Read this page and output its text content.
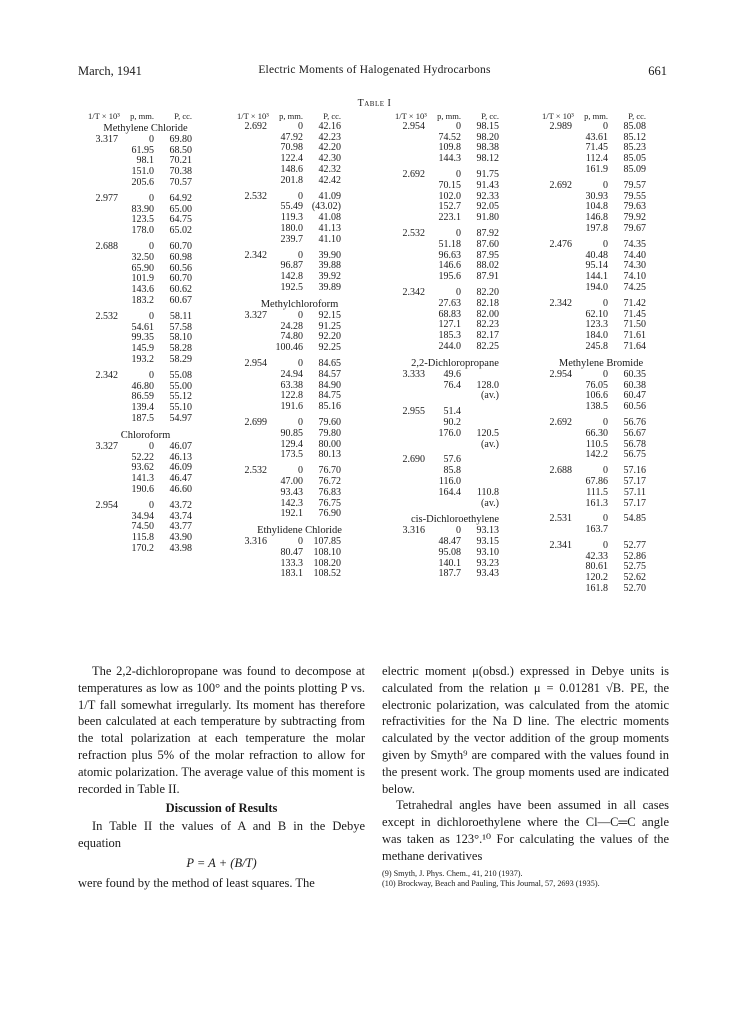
March, 1941	Electric Moments of Halogenated Hydrocarbons	661
Table I
1/T × 10³	p, mm.	P, cc.
Methylene Chloride
3.317	0	69.80
61.95	68.50
98.1	70.21
151.0	70.38
205.6	70.57
2.977	0	64.92
83.90	65.00
123.5	64.75
178.0	65.02
2.688	0	60.70
32.50	60.98
65.90	60.56
101.9	60.70
143.6	60.62
183.2	60.67
2.532	0	58.11
54.61	57.58
99.35	58.10
145.9	58.28
193.2	58.29
2.342	0	55.08
46.80	55.00
86.59	55.12
139.4	55.10
187.5	54.97
Chloroform
3.327	0	46.07
52.22	46.13
93.62	46.09
141.3	46.47
190.6	46.60
2.954	0	43.72
34.94	43.74
74.50	43.77
115.8	43.90
170.2	43.98
1/T × 10³	p, mm.	P, cc.
2.692	0	42.16
47.92	42.23
70.98	42.20
122.4	42.30
148.6	42.32
201.8	42.42
2.532	0	41.09
55.49 (43.02)
119.3	41.08
180.0	41.13
239.7	41.10
2.342	0	39.90
96.87	39.88
142.8	39.92
192.5	39.89
Methylchloroform
3.327	0	92.15
24.28	91.25
74.80	92.20
100.46	92.25
2.954	0	84.65
24.94	84.57
63.38	84.90
122.8	84.75
191.6	85.16
2.699	0	79.60
90.85	79.80
129.4	80.00
173.5	80.13
2.532	0	76.70
47.00	76.72
93.43	76.83
142.3	76.75
192.1	76.90
Ethylidene Chloride
3.316	0	107.85
80.47	108.10
133.3	108.20
183.1	108.52
1/T × 10³	p, mm.	P, cc.
2.954	0	98.15
74.52	98.20
109.8	98.38
144.3	98.12
2.692	0	91.75
70.15	91.43
102.0	92.33
152.7	92.05
223.1	91.80
2.532	0	87.92
51.18	87.60
96.63	87.95
146.6	88.02
195.6	87.91
2.342	0	82.20
27.63	82.18
68.83	82.00
127.1	82.23
185.3	82.17
244.0	82.25
2,2-Dichloropropane
3.333	49.6
76.4	128.0
(av.)
2.955	51.4
90.2
176.0	120.5
(av.)
2.690	57.6
85.8
116.0
164.4	110.8
(av.)
cis-Dichloroethylene
3.316	0	93.13
48.47	93.15
95.08	93.10
140.1	93.23
187.7	93.43
1/T × 10³	p, mm.	P, cc.
2.989	0	85.08
43.61	85.12
71.45	85.23
112.4	85.05
161.9	85.09
2.692	0	79.57
30.93	79.55
104.8	79.63
146.8	79.92
197.8	79.67
2.476	0	74.35
40.48	74.40
95.14	74.30
144.1	74.10
194.0	74.25
2.342	0	71.42
62.10	71.45
123.3	71.50
184.0	71.61
245.8	71.64
Methylene Bromide
2.954	0	60.35
76.05	60.38
106.6	60.47
138.5	60.56
2.692	0	56.76
66.30	56.67
110.5	56.78
142.2	56.75
2.688	0	57.16
67.86	57.17
111.5	57.11
161.3	57.17
2.531	0	54.85
163.7
2.341	0	52.77
42.33	52.86
80.61	52.75
120.2	52.62
161.8	52.70

The 2,2-dichloropropane was found to decompose at temperatures as low as 100° and the points plotting P vs. 1/T fall somewhat irregularly. Its moment has therefore been calculated at each temperature by subtracting from the total polarization at each temperature the molar refraction plus 5% of the molar refraction to allow for atomic polarization. The average value of this moment is recorded in Table II.

Discussion of Results

In Table II the values of A and B in the Debye equation

P = A + (B/T)

were found by the method of least squares. The

electric moment μ(obsd.) expressed in Debye units is calculated from the relation μ = 0.01281 √B. PE, the electronic polarization, was calculated from the atomic refractivities for the Na D line. The electric moments calculated by the vector addition of the group moments given by Smyth⁹ are compared with the values found in the present work. The group moments used are indicated below.

Tetrahedral angles have been assumed in all cases except in dichloroethylene where the Cl—C═C angle was taken as 123°.¹⁰ For calculating the values of the methane derivatives

(9) Smyth, J. Phys. Chem., 41, 210 (1937).
(10) Brockway, Beach and Pauling, This Journal, 57, 2693 (1935).
